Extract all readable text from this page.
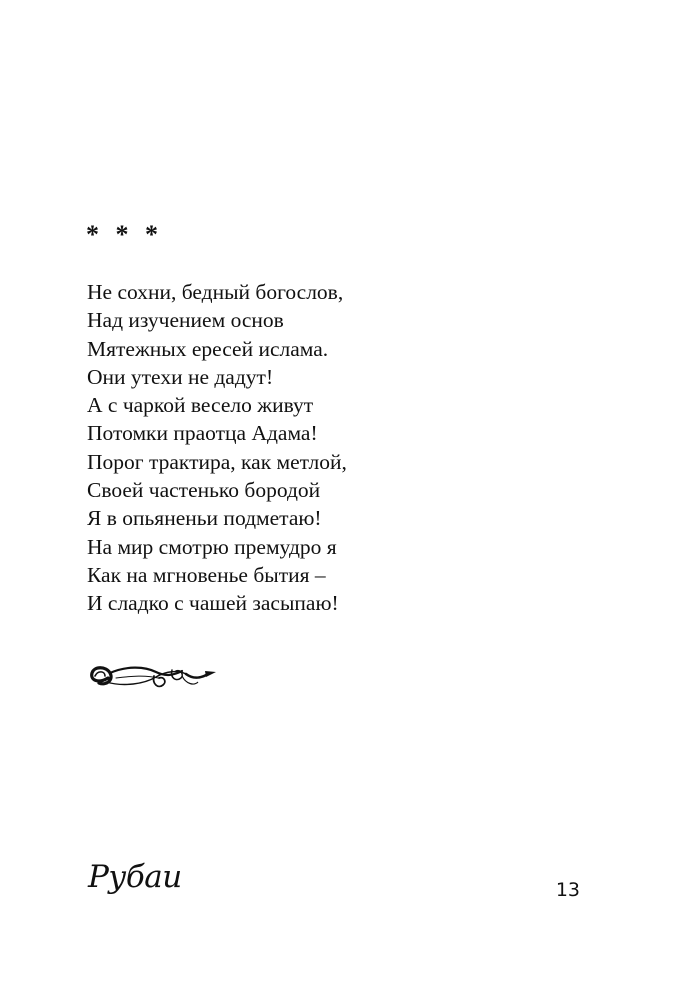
* * *
Не сохни, бедный богослов,
Над изучением основ
Мятежных ересей ислама.
Они утехи не дадут!
А с чаркой весело живут
Потомки праотца Адама!
Порог трактира, как метлой,
Своей частенько бородой
Я в опьяненьи подметаю!
На мир смотрю премудро я
Как на мгновенье бытия –
И сладко с чашей засыпаю!
Рубаи	13
